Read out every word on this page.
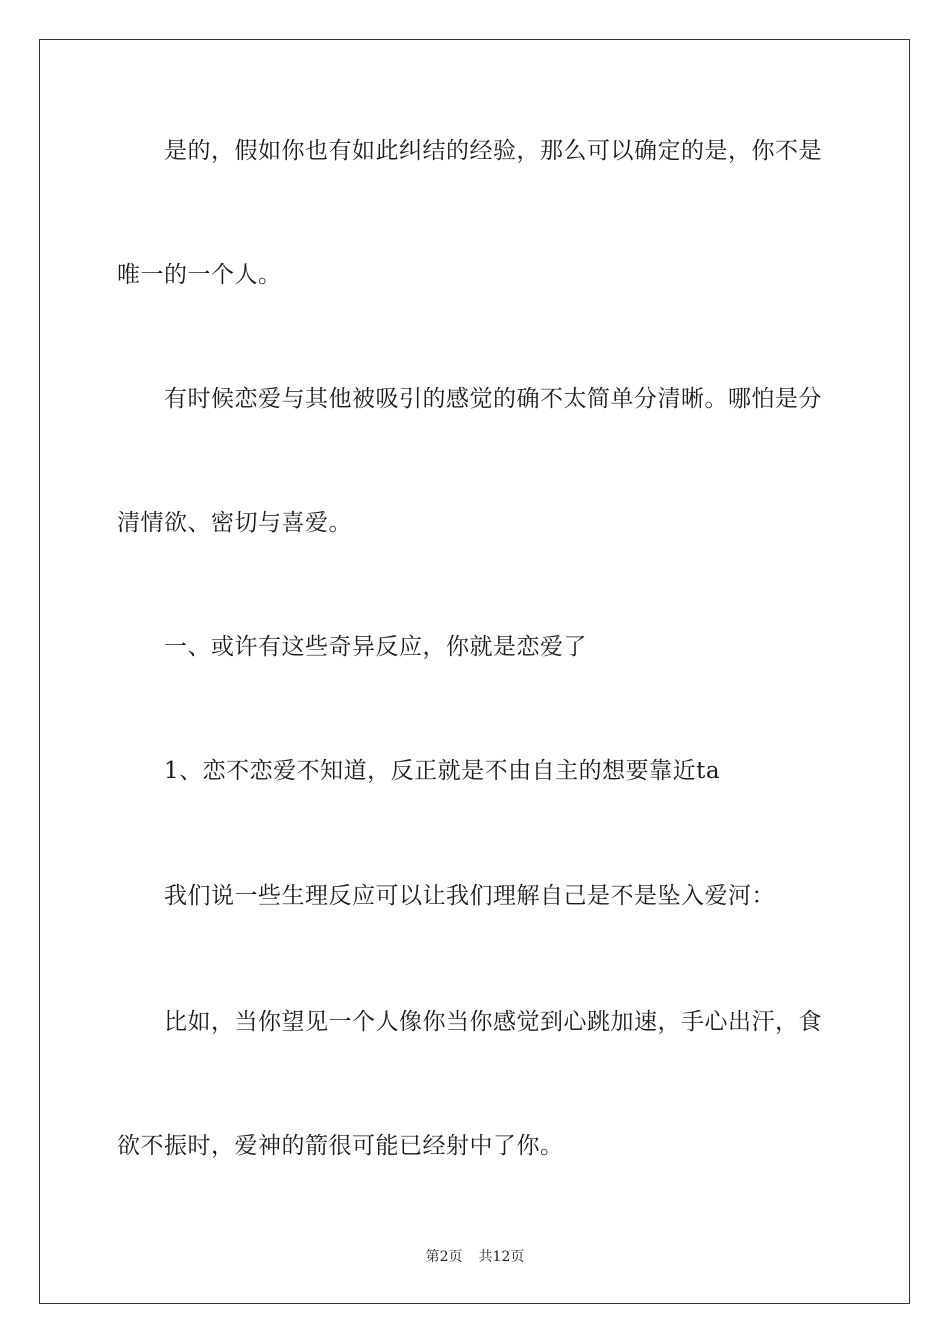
是的，假如你也有如此纠结的经验，那么可以确定的是，你不是
唯一的一个人。
有时候恋爱与其他被吸引的感觉的确不太简单分清晰。哪怕是分
清情欲、密切与喜爱。
一、或许有这些奇异反应，你就是恋爱了
1、恋不恋爱不知道，反正就是不由自主的想要靠近ta
我们说一些生理反应可以让我们理解自己是不是坠入爱河：
比如，当你望见一个人像你当你感觉到心跳加速，手心出汗，食
欲不振时，爱神的箭很可能已经射中了你。
第2页 共12页
